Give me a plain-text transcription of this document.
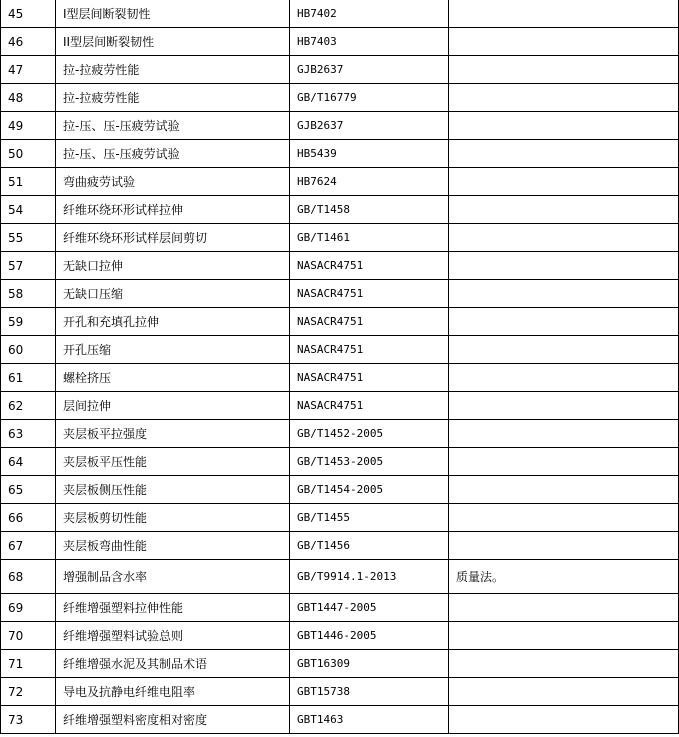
45	I型层间断裂韧性	HB7402	
46	II型层间断裂韧性	HB7403	
47	拉-拉疲劳性能	GJB2637	
48	拉-拉疲劳性能	GB/T16779	
49	拉-压、压-压疲劳试验	GJB2637	
50	拉-压、压-压疲劳试验	HB5439	
51	弯曲疲劳试验	HB7624	
54	纤维环绕环形试样拉伸	GB/T1458	
55	纤维环绕环形试样层间剪切	GB/T1461	
57	无缺口拉伸	NASACR4751	
58	无缺口压缩	NASACR4751	
59	开孔和充填孔拉伸	NASACR4751	
60	开孔压缩	NASACR4751	
61	螺栓挤压	NASACR4751	
62	层间拉伸	NASACR4751	
63	夹层板平拉强度	GB/T1452-2005	
64	夹层板平压性能	GB/T1453-2005	
65	夹层板侧压性能	GB/T1454-2005	
66	夹层板剪切性能	GB/T1455	
67	夹层板弯曲性能	GB/T1456	
68	增强制品含水率	GB/T9914.1-2013	质量法。
69	纤维增强塑料拉伸性能	GBT1447-2005	
70	纤维增强塑料试验总则	GBT1446-2005	
71	纤维增强水泥及其制品术语	GBT16309	
72	导电及抗静电纤维电阻率	GBT15738	
73	纤维增强塑料密度相对密度	GBT1463	
